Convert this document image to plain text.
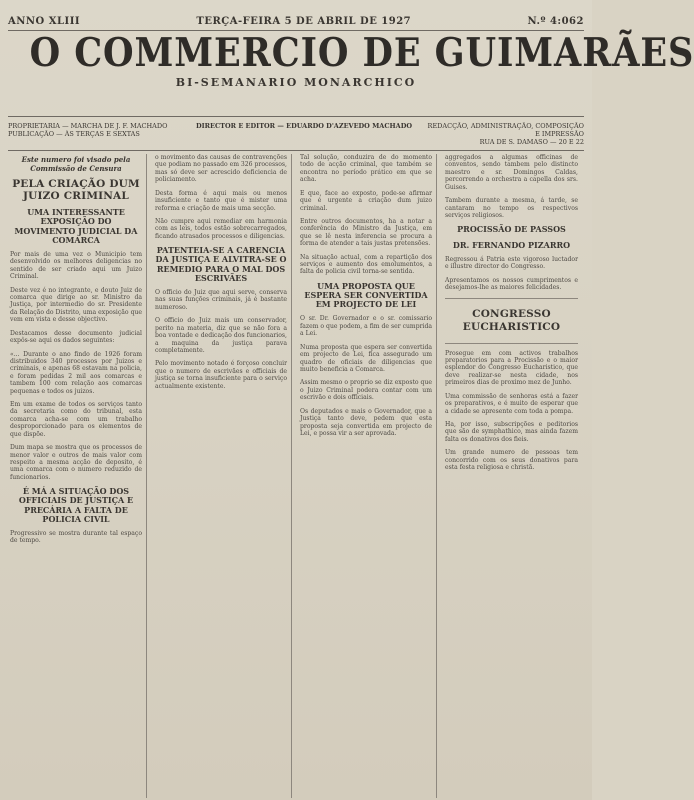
ANNO XLIII	TERÇA-FEIRA 5 DE ABRIL DE 1927	N.º 4:062
O COMMERCIO DE GUIMARÃES
BI-SEMANARIO MONARCHICO
PROPRIETARIA — MARCHA DE J. F. MACHADO
PUBLICAÇÃO — ÀS TERÇAS E SEXTAS
DIRECTOR E EDITOR — EDUARDO D'AZEVEDO MACHADO	REDACÇÃO, ADMINISTRAÇÃO, COMPOSIÇÃO E IMPRESSÃO
RUA DE S. DAMASO — 20 E 22
Este numero foi visado pela Commissão de Censura
PELA CRIAÇÃO DUM JUIZO CRIMINAL
UMA INTERESSANTE EXPOSIÇÃO DO MOVIMENTO JUDICIAL DA COMARCA

Por mais de uma vez o Municipio tem desenvolvido os melhores deligencias no sentido de ser criado aqui um Juizo Criminal.

Deste vez é no integrante, e douto Juiz de comarca que dirige ao sr. Ministro da Justiça, por intermedio do sr. Presidente da Relação do Distrito, uma exposição que vem em vista e desse objectivo.

Destacamos desse documento judicial expôs-se aqui os dados seguintes:

«... Durante o ano findo de 1926 foram distribuidos 340 processos por Juizos e criminais, e apenas 68 estavam na policia, e foram pedidas 2 mil aos comarcas e tambem 100 com relação aos comarcas pequenas e todos os juizos.

Em um exame de todos os serviços tanto da secretaria como do tribunal, esta comarca acha-se com um trabalho desproporcionado para os elementos de que dispõe.

Dum mapa se mostra que os processos de menor valor e outros de mais valor com respeito a mesma acção de deposito, é uma comarca com o numero reduzido de funcionarios.

É MÁ A SITUAÇÃO DOS OFFICIAIS DE JUSTIÇA E PRECÁRIA A FALTA DE POLICIA CIVIL

Progressivo se mostra durante tal espaço de tempo.

o movimento das causas de contravenções que podiam no passado em 326 processos, mas só deve ser acrescido deficiencia de policiamento.

Desta forma é aqui mais ou menos insuficiente e tanto que é mister uma reforma e criação de mais uma secção.

Não cumpre aqui remediar em harmonia com as leis, todos estão sobrecarregados, ficando atrasados processos e diligencias.

PATENTEIA-SE A CARENCIA DA JUSTIÇA E ALVITRA-SE O REMEDIO PARA O MAL DOS ESCRIVÃES

O officio do Juiz que aqui serve, conserva nas suas funções criminais, já é bastante numeroso.

O officio do Juiz mais um conservador, perito na materia, diz que se não fora a boa vontade e dedicação dos funcionarios, a maquina da justiça parava completamente.

Pelo movimento notado é forçoso concluir que o numero de escrivães e officiais de justiça se torna insuficiente para o serviço actualmente existente.

Tal solução, conduzira de do momento todo de acção criminal, que também se encontra no período prático em que se acha.

E que, face ao exposto, pode-se afirmar que é urgente a criação dum juizo criminal.

Entre outros documentos, ha a notar a conferência do Ministro da Justiça, em que se lê nesta inferencia se procura a forma de atender a tais justas pretensões.

Na situação actual, com a repartição dos serviços e aumento dos emolumentos, a falta de policia civil torna-se sentida.

UMA PROPOSTA QUE ESPERA SER CONVERTIDA EM PROJECTO DE LEI

O sr. Dr. Governador e o sr. comissario fazem o que podem, a fim de ser cumprida a Lei.

Numa proposta que espera ser convertida em projecto de Lei, fica assegurado um quadro de oficiais de diligencias que muito beneficia a Comarca.

Assim mesmo o proprio se diz exposto que o Juizo Criminal podera contar com um escrivão e dois officiais.

Os deputados e mais o Governador, que a Justiça tanto deve, pedem que esta proposta seja convertida em projecto de Lei, e possa vir a ser aprovada.

aggregados a algumas officinas de conventos, sendo tambem pelo distincto maestro e sr. Domingos Caldas, percorrendo a orchestra a capella dos srs. Guises.

Tambem durante a mesma, á tarde, se cantaram no tempo os respectivos serviços religiosos.

PROCISSÃO DE PASSOS
DR. FERNANDO PIZARRO

Regressou á Patria este vigoroso luctador e illustre director do Congresso.

Apresentamos os nossos cumprimentos e desejamos-lhe as maiores felicidades.

CONGRESSO EUCHARISTICO

Prosegue em com activos trabalhos preparatorios para a Procissão e o maior esplendor do Congresso Eucharistico, que deve realizar-se nesta cidade, nos primeiros dias de proximo mez de Junho.

Uma commissão de senhoras está a fazer os preparativos, e é muito de esperar que a cidade se apresente com toda a pompa.

Ha, por isso, subscripções e peditorios que são de symphathico, mas ainda fazem falta os donativos dos fieis.

Um grande numero de pessoas tem concorrido com os seus donativos para esta festa religiosa e christã.
